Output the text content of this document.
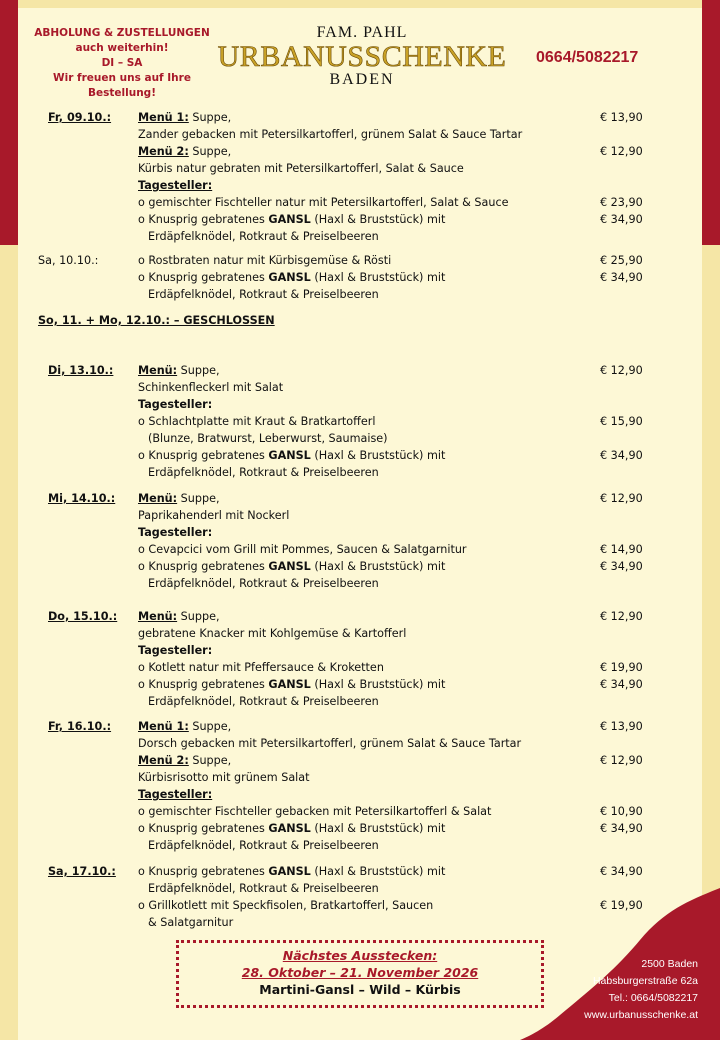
ABHOLUNG & ZUSTELLUNGEN
auch weiterhin!
DI – SA
Wir freuen uns auf Ihre Bestellung!
FAM. PAHL
URBANUSSCHENKE
BADEN
0664/5082217
Fr, 09.10.: Menü 1: Suppe,	€ 13,90
Zander gebacken mit Petersilkartofferl, grünem Salat & Sauce Tartar
Menü 2: Suppe,	€ 12,90
Kürbis natur gebraten mit Petersilkartofferl, Salat & Sauce
Tagesteller:
o gemischter Fischteller natur mit Petersilkartofferl, Salat & Sauce	€ 23,90
o Knusprig gebratenes GANSL (Haxl & Bruststück) mit	€ 34,90
Erdäpfelknödel, Rotkraut & Preiselbeeren
Sa, 10.10.:	o Rostbraten natur mit Kürbisgemüse & Rösti	€ 25,90
o Knusprig gebratenes GANSL (Haxl & Bruststück) mit	€ 34,90
Erdäpfelknödel, Rotkraut & Preiselbeeren
So, 11. + Mo, 12.10.: – GESCHLOSSEN
Di, 13.10.: Menü: Suppe,	€ 12,90
Schinkenfleckerl mit Salat
Tagesteller:
o Schlachtplatte mit Kraut & Bratkartofferl	€ 15,90
(Blunze, Bratwurst, Leberwurst, Saumaise)
o Knusprig gebratenes GANSL (Haxl & Bruststück) mit	€ 34,90
Erdäpfelknödel, Rotkraut & Preiselbeeren
Mi, 14.10.: Menü: Suppe,	€ 12,90
Paprikahenderl mit Nockerl
Tagesteller:
o Cevapcici vom Grill mit Pommes, Saucen & Salatgarnitur	€ 14,90
o Knusprig gebratenes GANSL (Haxl & Bruststück) mit	€ 34,90
Erdäpfelknödel, Rotkraut & Preiselbeeren
Do, 15.10.: Menü: Suppe,	€ 12,90
gebratene Knacker mit Kohlgemüse & Kartofferl
Tagesteller:
o Kotlett natur mit Pfeffersauce & Kroketten	€ 19,90
o Knusprig gebratenes GANSL (Haxl & Bruststück) mit	€ 34,90
Erdäpfelknödel, Rotkraut & Preiselbeeren
Fr, 16.10.: Menü 1: Suppe,	€ 13,90
Dorsch gebacken mit Petersilkartofferl, grünem Salat & Sauce Tartar
Menü 2: Suppe,	€ 12,90
Kürbisrisotto mit grünem Salat
Tagesteller:
o gemischter Fischteller gebacken mit Petersilkartofferl & Salat	€ 10,90
o Knusprig gebratenes GANSL (Haxl & Bruststück) mit	€ 34,90
Erdäpfelknödel, Rotkraut & Preiselbeeren
Sa, 17.10.: o Knusprig gebratenes GANSL (Haxl & Bruststück) mit	€ 34,90
Erdäpfelknödel, Rotkraut & Preiselbeeren
o Grillkotlett mit Speckfisolen, Bratkartofferl, Saucen	€ 19,90
& Salatgarnitur
Nächstes Ausstecken:
28. Oktober – 21. November 2026
Martini-Gansl – Wild – Kürbis
2500 Baden
Habsburgerstraße 62a
Tel.: 0664/5082217
www.urbanusschenke.at
